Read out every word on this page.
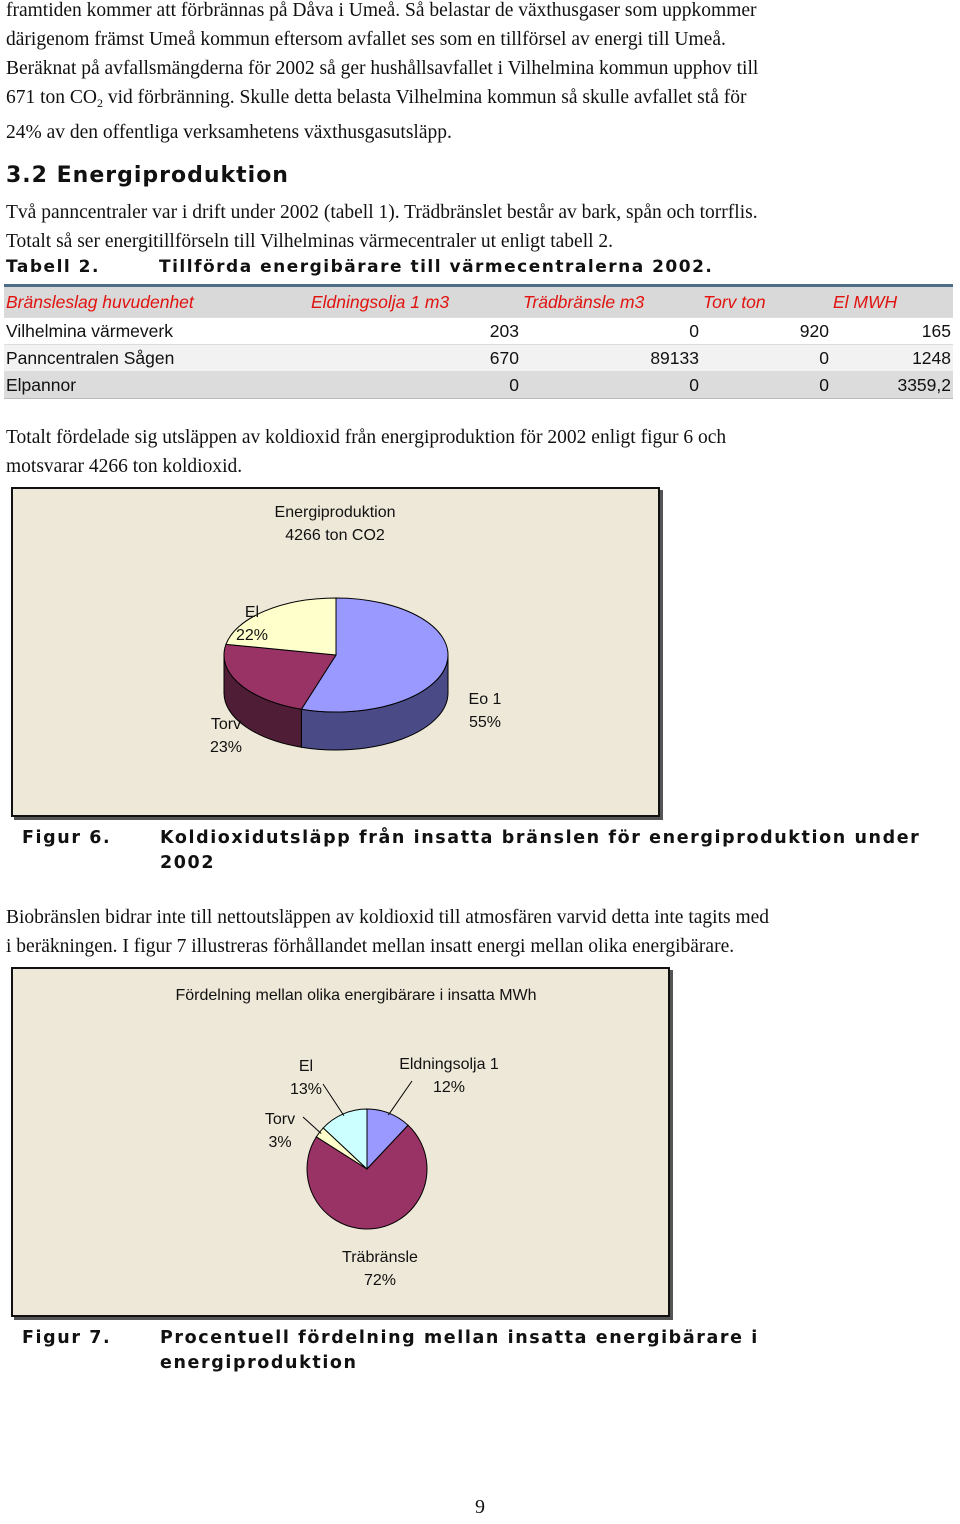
framtiden kommer att förbrännas på Dåva i Umeå. Så belastar de växthusgaser som uppkommer
därigenom främst Umeå kommun eftersom avfallet ses som en tillförsel av energi till Umeå.
Beräknat på avfallsmängderna för 2002 så ger hushållsavfallet i Vilhelmina kommun upphov till
671 ton $CO_2$ vid förbränning. Skulle detta belasta Vilhelmina kommun så skulle avfallet stå för
24% av den offentliga verksamhetens växthusgasutsläpp.
3.2 Energiproduktion
Två panncentraler var i drift under 2002 (tabell 1). Trädbränslet består av bark, spån och torrflis.
Totalt så ser energitillförseln till Vilhelminas värmecentraler ut enligt tabell 2.
Tabell 2.	Tillförda energibärare till värmecentralerna 2002.
Bränsleslag huvudenhet	Eldningsolja 1 m3	Trädbränsle m3	Torv ton	El MWH
Vilhelmina värmeverk	203	0	920	165
Panncentralen Sågen	670	89133	0	1248
Elpannor	0	0	0	3359,2
Totalt fördelade sig utsläppen av koldioxid från energiproduktion för 2002 enligt figur 6 och
motsvarar 4266 ton koldioxid.
Energiproduktion
4266 ton CO2
Eo 1 55%
Torv 23%
El 22%
Figur 6.	Koldioxidutsläpp från insatta bränslen för energiproduktion under
2002
Biobränslen bidrar inte till nettoutsläppen av koldioxid till atmosfären varvid detta inte tagits med
i beräkningen. I figur 7 illustreras förhållandet mellan insatt energi mellan olika energibärare.
Fördelning mellan olika energibärare i insatta MWh
Eldningsolja 1 12%
Träbränsle 72%
Torv 3%
El 13%
Figur 7.	Procentuell fördelning mellan insatta energibärare i
energiproduktion
9
